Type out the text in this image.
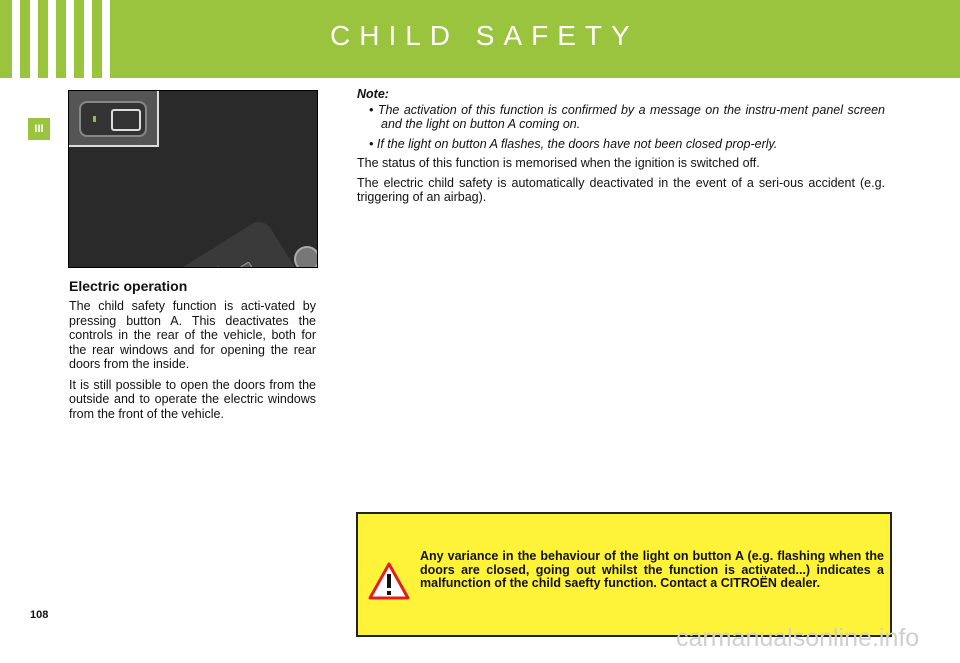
CHILD SAFETY
III
Electric operation

The child safety function is acti-vated by pressing button A. This deactivates the controls in the rear of the vehicle, both for the rear windows and for opening the rear doors from the inside.

It is still possible to open the doors from the outside and to operate the electric windows from the front of the vehicle.

Note:

• The activation of this function is confirmed by a message on the instru-ment panel screen and the light on button A coming on.

• If the light on button A flashes, the doors have not been closed prop-erly.

The status of this function is memorised when the ignition is switched off.

The electric child safety is automatically deactivated in the event of a seri-ous accident (e.g. triggering of an airbag).

Any variance in the behaviour of the light on button A (e.g. flashing when the doors are closed, going out whilst the function is activated...) indicates a malfunction of the child saefty function. Contact a CITROËN dealer.
108
carmanualsonline.info
